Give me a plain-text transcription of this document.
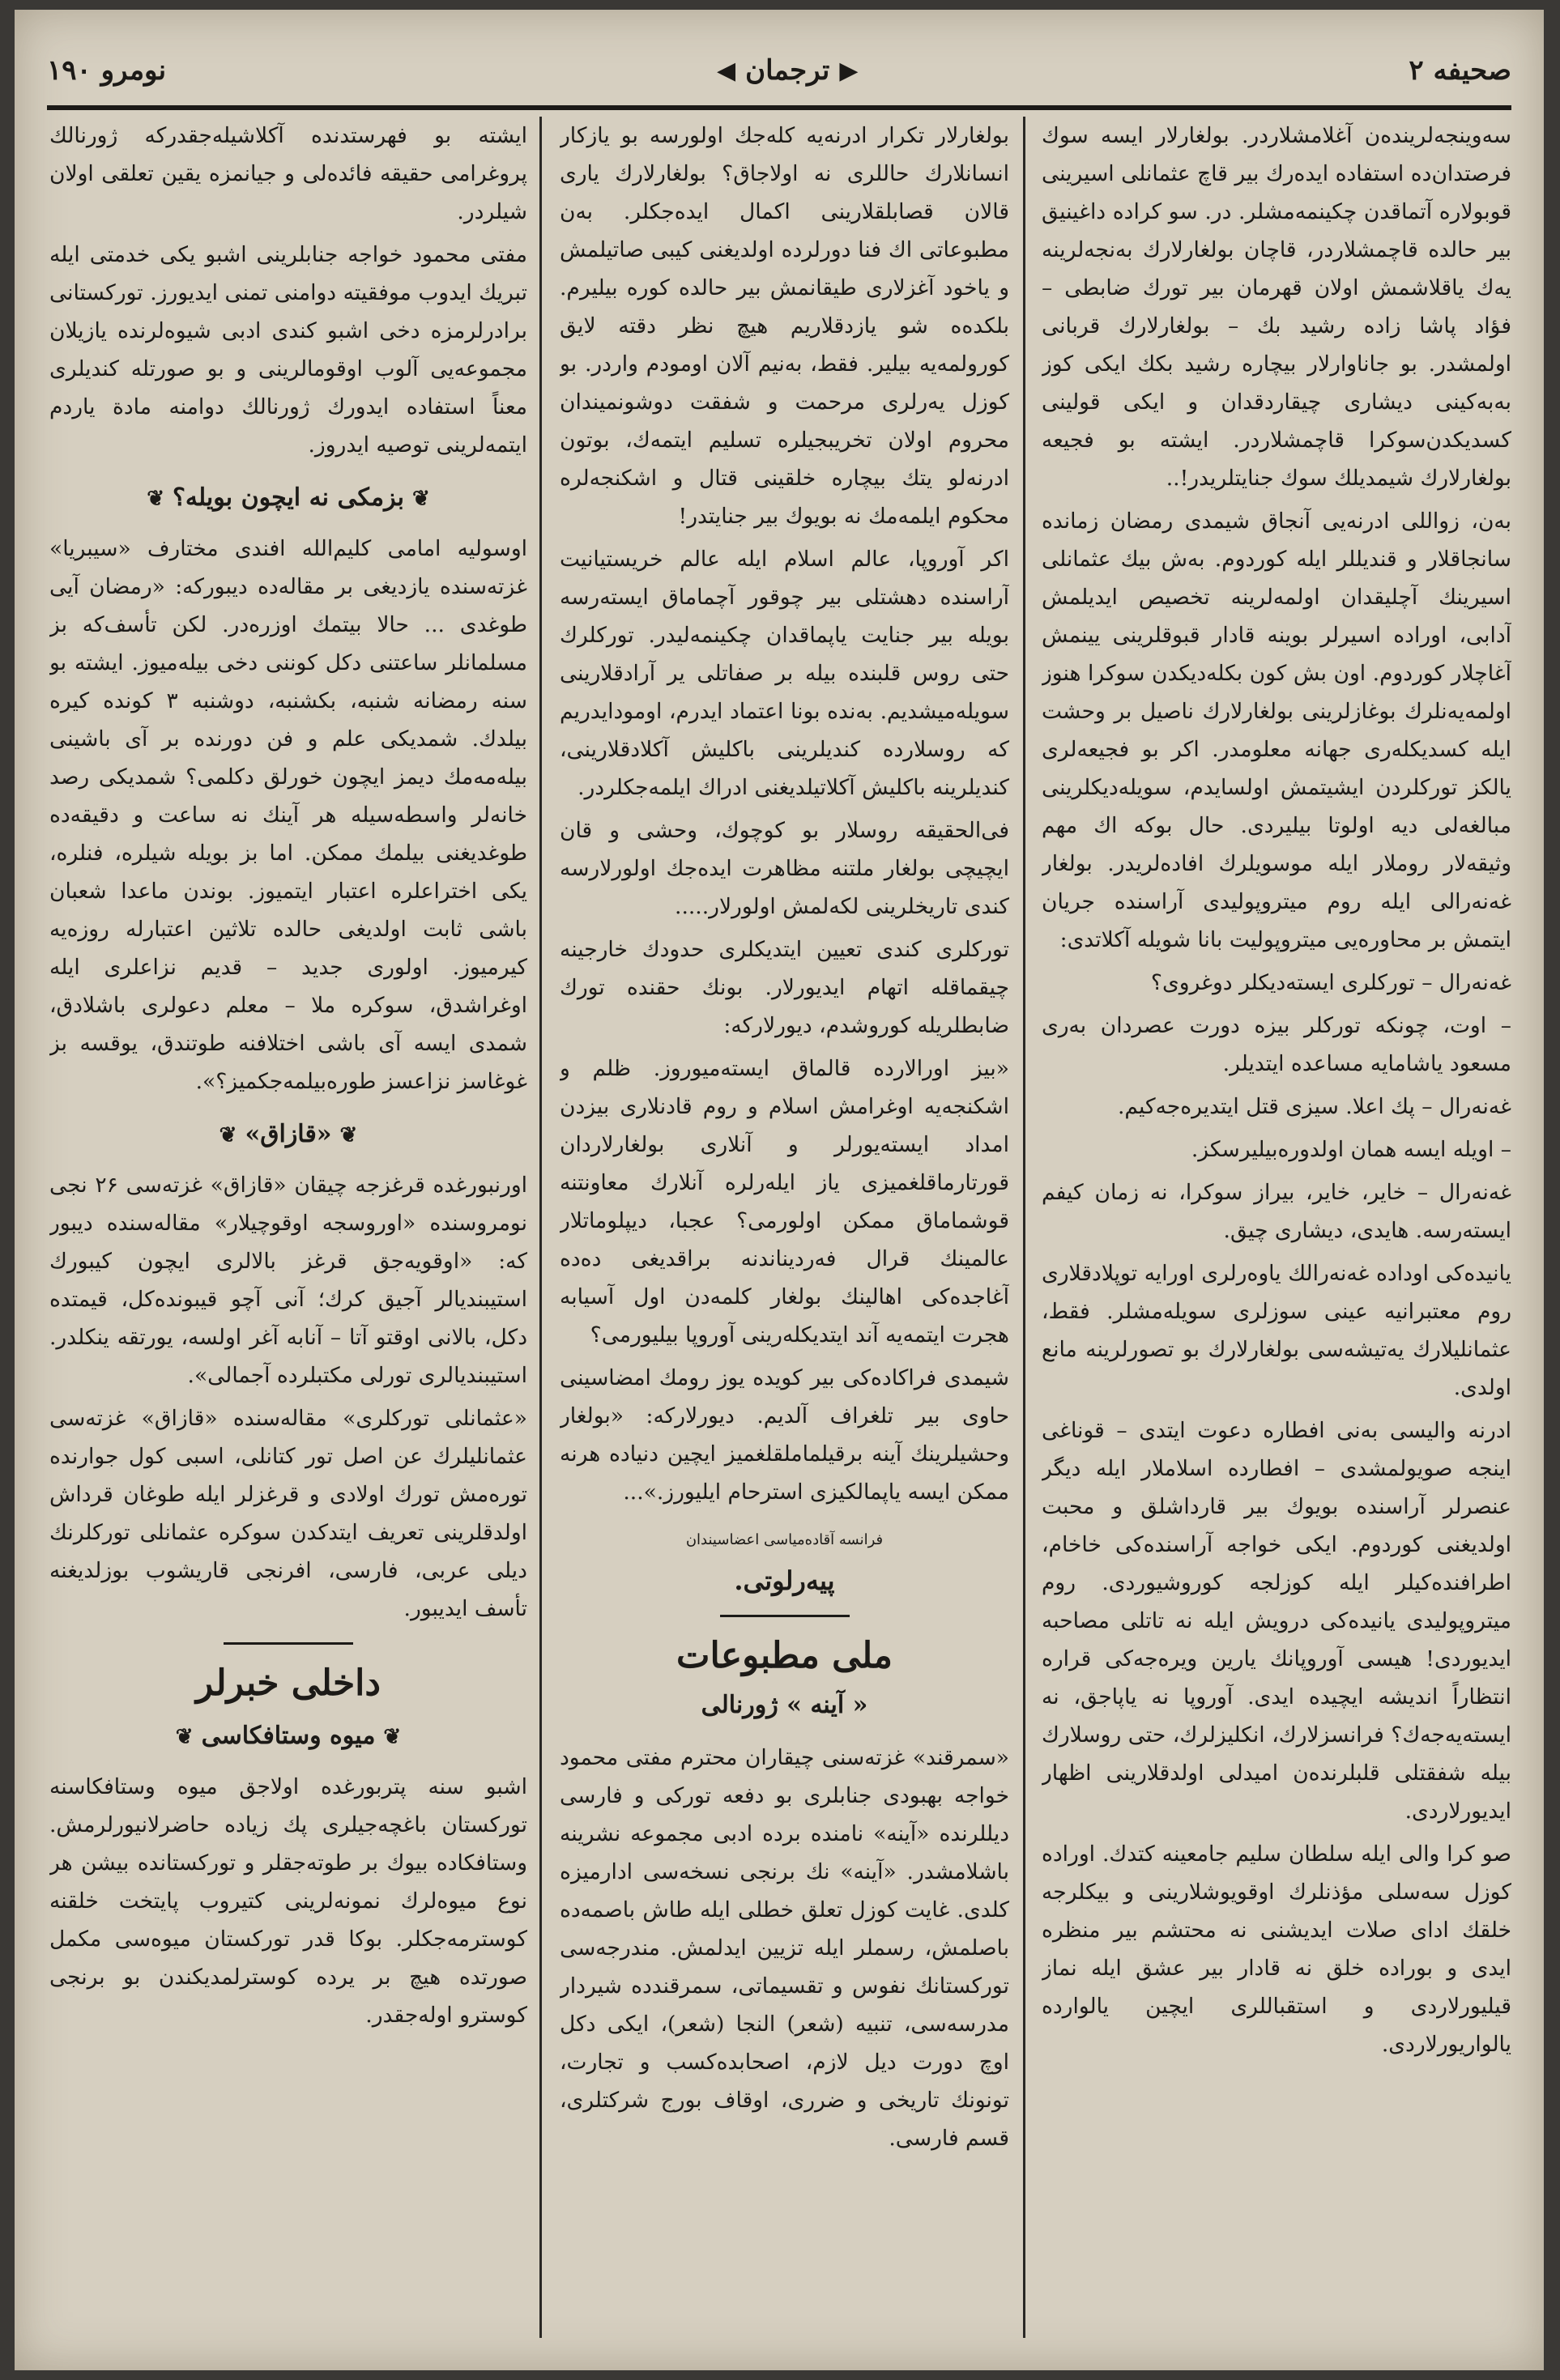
صحیفه ۲
▶
ترجمان
◀
نومرو ۱۹۰

سه‌وینجه‌لرینده‌ن آغلامشلاردر. بولغارلار ایسه سوك فرصتدان‌ده استفاده ایده‌رك بیر قاچ عثمانلی اسیرینی قوبولاره آتماقدن چکینمه‌مشلر. در. سو کراده داغینیق بیر حالده قاچمشلاردر، قاچان بولغارلارك به‌نجه‌لرینه یه‌ك یاقلاشمش اولان قهرمان بیر تورك ضابطی – فؤاد پاشا زاده رشید بك – بولغارلارك قربانی اولمشدر. بو جاناوارلار بیچاره رشید بکك ایکی کوز به‌به‌کینی دیشاری چیقاردقدان و ایکی قولینی کسدیکدن‌سوکرا قاچمشلاردر. ایشته بو فجیعه بولغارلارك شیمدیلك سوك جنایتلریدر!..

به‌ن، زواللی ادرنه‌یی آنجاق شیمدی رمضان زمانده سانجاقلار و قندیللر ایله کوردوم. به‌ش بیك عثمانلی اسیرینك آچلیقدان اولمه‌لرینه تخصیص ایدیلمش آدابی، اوراده اسیرلر بوینه قادار قبوقلرینی یینمش آغاچلار کوردوم. اون بش کون بکله‌دیکدن سوکرا هنوز اولمه‌یه‌نلرك بوغازلرینی بولغارلارك ناصیل بر وحشت ایله کسدیکله‌ری جهانه معلومدر. اکر بو فجیعه‌لری یالکز تورکلردن ایشیتمش اولسایدم، سویله‌دیکلرینی مبالغه‌لی دیه اولوتا بیلیردی. حال بوکه اك مهم وثیقه‌لار روملار ایله موسویلرك افاده‌لریدر. بولغار غه‌نه‌رالی ایله روم میتروپولیدی آراسنده جریان ایتمش بر محاوره‌یی میتروپولیت بانا شویله آکلاتدی:

غه‌نه‌رال – تورکلری ایسته‌دیکلر دوغروی؟

– اوت، چونکه تورکلر بیزه دورت عصردان به‌ری مسعود یاشامایه مساعده ایتدیلر.

غه‌نه‌رال – پك اعلا. سیزی قتل ایتدیره‌جه‌کیم.

– اویله ایسه همان اولدوره‌بیلیرسکز.

غه‌نه‌رال – خایر، خایر، بیراز سوکرا، نه زمان کیفم ایسته‌رسه. هایدی، دیشاری چیق.

یانیده‌کی اوداده غه‌نه‌رالك یاوه‌رلری اورایه توپلادقلاری روم معتبرانیه عینی سوزلری سویله‌مشلر. فقط، عثمانلیلارك یه‌تیشه‌سی بولغارلارك بو تصورلرینه مانع اولدی.

ادرنه والیسی به‌نی افطاره دعوت ایتدی – قوناغی اینجه صویولمشدی – افطارده اسلاملار ایله دیگر عنصرلر آراسنده بویوك بیر قارداشلق و محبت اولدیغنی کوردوم. ایکی خواجه آراسنده‌کی خاخام، اطرافنده‌کیلر ایله کوزلجه کوروشیوردی. روم میتروپولیدی یانیده‌کی درویش ایله نه تاتلی مصاحبه ایدیوردی! هیسی آوروپانك یارین ویره‌جه‌کی قراره انتظاراً اندیشه ایچیده ایدی. آوروپا نه یاپاجق، نه ایسته‌یه‌جه‌ك؟ فرانسزلارك، انکلیزلرك، حتی روسلارك بیله شفقتلی قلبلرنده‌ن امیدلی اولدقلارینی اظهار ایدیورلاردی.

صو کرا والی ایله سلطان سلیم جامعینه کتدك. اوراده کوزل سه‌سلی مؤذنلرك اوقویوشلارینی و بیکلرجه خلقك ادای صلات ایدیشنی نه محتشم بیر منظره ایدی و بوراده خلق نه قادار بیر عشق ایله نماز قیلیورلاردی و استقباللری ایچین یالوارده یالواریورلاردی.

بولغارلار تکرار ادرنه‌یه کله‌جك اولورسه بو یازکار انسانلارك حاللری نه اولاجاق؟ بولغارلارك یاری قالان قصابلقلارینی اکمال ایده‌جکلر. به‌ن مطبوعاتی اك فنا دورلرده اولدیغنی کیبی صاتیلمش و یاخود آغزلاری طیقانمش بیر حالده کوره بیلیرم. بلکده‌ه شو یازدقلاریم هیچ نظر دقته لایق کورولمه‌یه بیلیر. فقط، به‌نیم آلان اومودم واردر. بو کوزل یه‌رلری مرحمت و شفقت دوشونمیندان محروم اولان تخریبجیلره تسلیم ایتمه‌ك، بوتون ادرنه‌لو یتك بیچاره خلقینی قتال و اشکنجه‌لره محکوم ایلمه‌مك نه بویوك بیر جنایتدر!

اکر آوروپا، عالم اسلام ایله عالم خریستیانیت آراسنده دهشتلی بیر چوقور آچماماق ایسته‌رسه بویله بیر جنایت یاپماقدان چکینمه‌لیدر. تورکلرك حتی روس قلبنده بیله بر صفاتلی یر آرادقلارینی سویله‌میشدیم. به‌نده بونا اعتماد ایدرم، اومودایدریم که روسلارده کندیلرینی باکلیش آکلادقلارینی، کندیلرینه باکلیش آکلاتیلدیغنی ادراك ایلمه‌جکلردر.

فی‌الحقیقه روسلار بو کوچوك، وحشی و قان ایچیچی بولغار ملتنه مظاهرت ایده‌جك اولورلارسه کندی تاریخلرینی لکه‌لمش اولورلار.....

تورکلری کندی تعیین ایتدیکلری حدودك خارجینه چیقماقله اتهام ایدیورلار. بونك حقنده تورك ضابطلریله کوروشدم، دیورلارکه:

«بیز اورالارده قالماق ایسته‌میوروز. ظلم و اشکنجه‌یه اوغرامش اسلام و روم قادنلاری بیزدن امداد ایسته‌یورلر و آنلاری بولغارلاردان قورتارماقلغمیزی یاز ایله‌رلره آنلارك معاونتنه قوشماماق ممکن اولورمی؟ عجبا، دیپلوماتلار عالمینك قرال فه‌ردیناندنه براقدیغی ده‌ده آغاجده‌کی اهالینك بولغار کلمه‌دن اول آسیابه هجرت ایتمه‌یه آند ایتدیکله‌رینی آوروپا بیلیورمی؟

شیمدی فراکاده‌کی بیر کویده یوز رومك امضاسینی حاوی بیر تلغراف آلدیم. دیورلارکه: «بولغار وحشیلرینك آینه برقیلماملقلغمیز ایچین دنیاده هرنه ممکن ایسه یاپمالکیزی استرحام ایلیورز.»...

فرانسه آقاده‌میاسی اعضاسیندان
پیه‌رلوتی.
ملی مطبوعات
« آینه » ژورنالی

«سمرقند» غزته‌سنی چیقاران محترم مفتی محمود خواجه بهبودی جنابلری بو دفعه تورکی و فارسی دیللرنده «آینه» نامنده برده ادبی مجموعه نشرینه باشلامشدر. «آینه» نك برنجی نسخه‌سی ادارمیزه کلدی. غایت کوزل تعلق خطلی ایله طاش باصمه‌ده باصلمش، رسملر ایله تزیین ایدلمش. مندرجه‌سی تورکستانك نفوس و تقسیماتی، سمرقندده شیردار مدرسه‌سی، تنبیه (شعر) النجا (شعر)، ایکی دکل اوچ دورت دیل لازم، اصحابده‌کسب و تجارت، تونونك تاریخی و ضرری، اوقاف بورج شرکتلری، قسم فارسی.

ایشته بو فهرستدنده آکلاشیله‌جقدرکه ژورنالك پروغرامی حقیقه فائده‌لی و جیانمزه یقین تعلقی اولان شیلردر.

مفتی محمود خواجه جنابلرینی اشبو یکی خدمتی ایله تبریك ایدوب موفقیته دوامنی تمنی ایدیورز. تورکستانی برادرلرمزه دخی اشبو کندی ادبی شیوه‌لرنده یازیلان مجموعه‌یی آلوب اوقومالرینی و بو صورتله کندیلری معناً استفاده ایدورك ژورنالك دوامنه مادة یاردم ایتمه‌لرینی توصیه ایدروز.

❦بزمکی نه ایچون بویله؟❦

اوسولیه امامی کلیم‌الله افندی مختارف «سیبریا» غزته‌سنده یازدیغی بر مقاله‌ده دیبورکه: «رمضان آیی طوغدی ... حالا بیتمك اوزره‌در. لکن تأسف‌که بز مسلمانلر ساعتنی دکل کوننی دخی بیله‌میوز. ایشته بو سنه رمضانه شنبه، بکشنبه، دوشنبه ۳ کونده کیره بیلدك. شمدیکی علم و فن دورنده بر آی باشینی بیله‌مه‌مك دیمز ایچون خورلق دکلمی؟ شمدیکی رصد خانه‌لر واسطه‌سیله هر آینك نه ساعت و دقیقه‌ده طوغدیغنی بیلمك ممکن. اما بز بویله شیلره، فنلره، یکی اختراعلره اعتبار ایتمیوز. بوندن ماعدا شعبان باشی ثابت اولدیغی حالده تلاثین اعتبارله روزه‌یه کیرمیوز. اولوری جدید – قدیم نزاعلری ایله اوغراشدق، سوکره ملا – معلم دعولری باشلادق، شمدی ایسه آی باشی اختلافنه طوتندق، یوقسه بز غوغاسز نزاعسز طوره‌بیلمه‌جکمیز؟».

❦«قازاق»❦

اورنبورغده قرغزجه چیقان «قازاق» غزته‌سی ۲۶ نجی نومروسنده «اوروسجه اوقوچیلار» مقاله‌سنده دیبور که: «اوقویه‌جق قرغز بالالری ایچون کیبورك استیبندیالر آجیق کرك؛ آنی آچو قیبونده‌کل، قیمتده دکل، بالانی اوقتو آتا – آنابه آغر اولسه، یورتقه ینکلدر. استیبندیالری تورلی مکتبلرده آجمالی».

«عثمانلی تورکلری» مقاله‌سنده «قازاق» غزته‌سی عثمانلیلرك عن اصل تور کتانلی، اسبی کول جوارنده توره‌مش تورك اولادی و قرغزلر ایله طوغان قرداش اولدقلرینی تعریف ایتدکدن سوکره عثمانلی تورکلرنك دیلی عربی، فارسی، افرنجی قاریشوب بوزلدیغنه تأسف ایدیبور.

داخلی خبرلر
❦میوه وستافکاسی❦

اشبو سنه پتربورغده اولاجق میوه وستافکاسنه تورکستان باغچه‌جیلری پك زیاده حاضرلانیورلرمش. وستافکاده بیوك بر طوته‌جقلر و تورکستانده بیشن هر نوع میوه‌لرك نمونه‌لرینی کتیروب پایتخت خلقنه کوسترمه‌جکلر. بوکا قدر تورکستان میوه‌سی مکمل صورتده هیچ بر یرده کوسترلمدیکندن بو برنجی کوسترو اوله‌جقدر.
